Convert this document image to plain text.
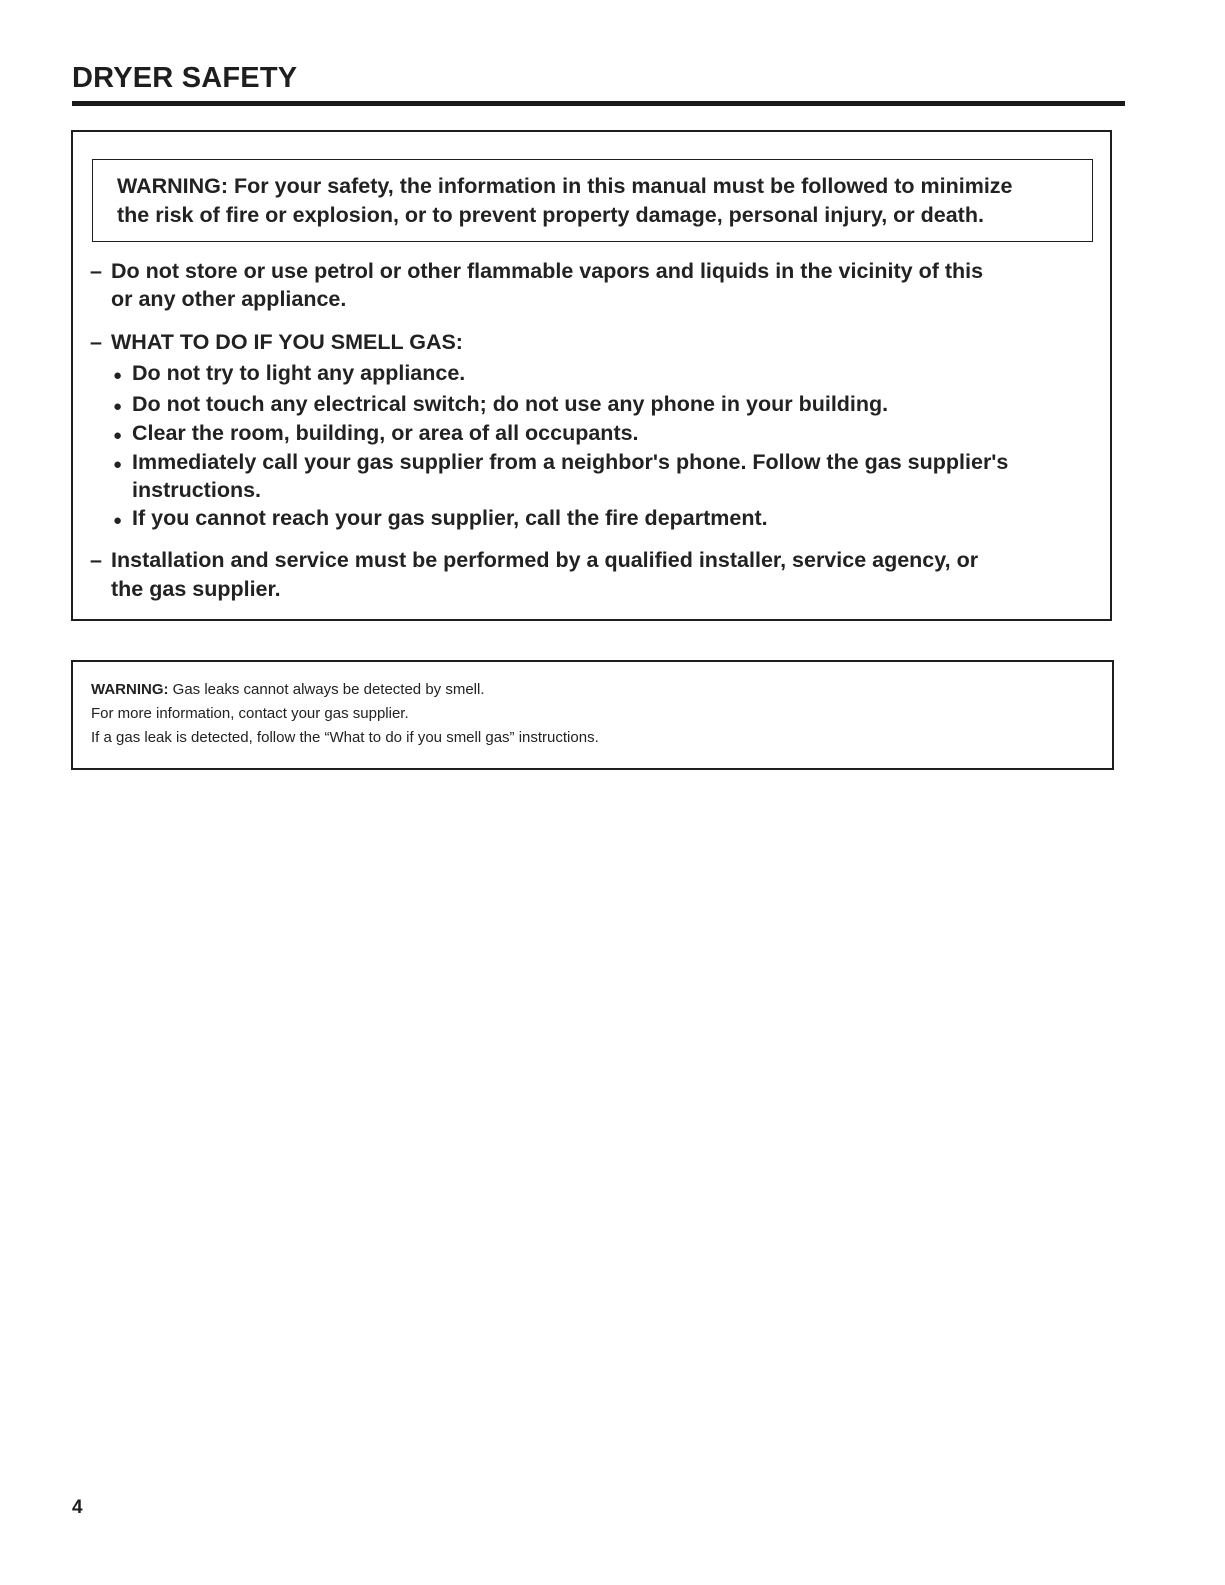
DRYER SAFETY
WARNING: For your safety, the information in this manual must be followed to minimize
the risk of fire or explosion, or to prevent property damage, personal injury, or death.
– Do not store or use petrol or other flammable vapors and liquids in the vicinity of this
or any other appliance.
– WHAT TO DO IF YOU SMELL GAS:
● Do not try to light any appliance.
● Do not touch any electrical switch; do not use any phone in your building.
● Clear the room, building, or area of all occupants.
● Immediately call your gas supplier from a neighbor's phone. Follow the gas supplier's
instructions.
● If you cannot reach your gas supplier, call the fire department.
– Installation and service must be performed by a qualified installer, service agency, or
the gas supplier.
WARNING: Gas leaks cannot always be detected by smell.
For more information, contact your gas supplier.
If a gas leak is detected, follow the “What to do if you smell gas” instructions.
4
